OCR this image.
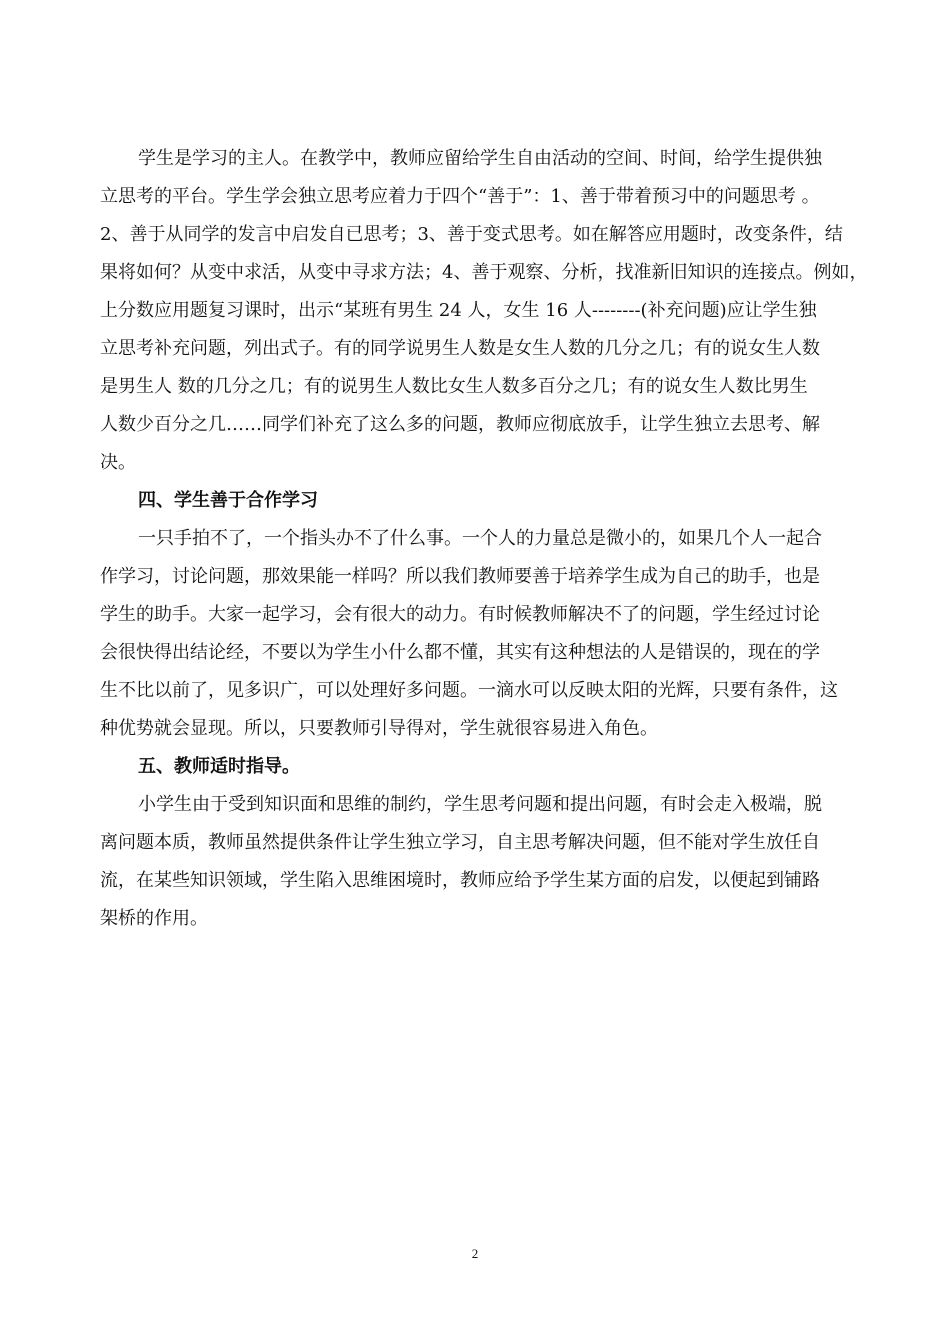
学生是学习的主人。在教学中，教师应留给学生自由活动的空间、时间，给学生提供独
立思考的平台。学生学会独立思考应着力于四个“善于”：1、善于带着预习中的问题思考 。
2、善于从同学的发言中启发自已思考；3、善于变式思考。如在解答应用题时，改变条件，结
果将如何？从变中求活，从变中寻求方法；4、善于观察、分析，找准新旧知识的连接点。例如，
上分数应用题复习课时，出示“某班有男生 24 人，女生 16 人--------(补充问题)应让学生独
立思考补充问题，列出式子。有的同学说男生人数是女生人数的几分之几；有的说女生人数
是男生人 数的几分之几；有的说男生人数比女生人数多百分之几；有的说女生人数比男生
人数少百分之几……同学们补充了这么多的问题，教师应彻底放手，让学生独立去思考、解
决。
四、学生善于合作学习
一只手拍不了，一个指头办不了什么事。一个人的力量总是微小的，如果几个人一起合
作学习，讨论问题，那效果能一样吗？所以我们教师要善于培养学生成为自己的助手，也是
学生的助手。大家一起学习，会有很大的动力。有时候教师解决不了的问题，学生经过讨论
会很快得出结论经，不要以为学生小什么都不懂，其实有这种想法的人是错误的，现在的学
生不比以前了，见多识广，可以处理好多问题。一滴水可以反映太阳的光辉，只要有条件，这
种优势就会显现。所以，只要教师引导得对，学生就很容易进入角色。
五、教师适时指导。
小学生由于受到知识面和思维的制约，学生思考问题和提出问题，有时会走入极端，脱
离问题本质，教师虽然提供条件让学生独立学习，自主思考解决问题，但不能对学生放任自
流，在某些知识领域，学生陷入思维困境时，教师应给予学生某方面的启发，以便起到铺路
架桥的作用。
2
